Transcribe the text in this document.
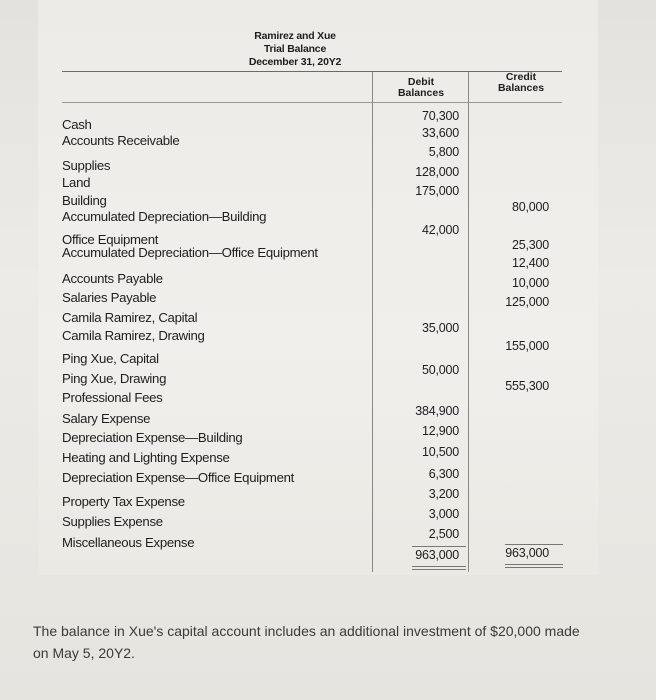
Ramirez and Xue
Trial Balance
December 31, 20Y2
Debit
Balances
Credit
Balances
Cash
Accounts Receivable
Supplies
Land
Building
Accumulated Depreciation—Building
Office Equipment
Accumulated Depreciation—Office Equipment
Accounts Payable
Salaries Payable
Camila Ramirez, Capital
Camila Ramirez, Drawing
Ping Xue, Capital
Ping Xue, Drawing
Professional Fees
Salary Expense
Depreciation Expense—Building
Heating and Lighting Expense
Depreciation Expense—Office Equipment
Property Tax Expense
Supplies Expense
Miscellaneous Expense
70,300
33,600
5,800
128,000
175,000
42,000
35,000
50,000
384,900
12,900
10,500
6,300
3,200
3,000
2,500
963,000
80,000
25,300
12,400
10,000
125,000
155,000
555,300
963,000
The balance in Xue's capital account includes an additional investment of $20,000 made on May 5, 20Y2.
